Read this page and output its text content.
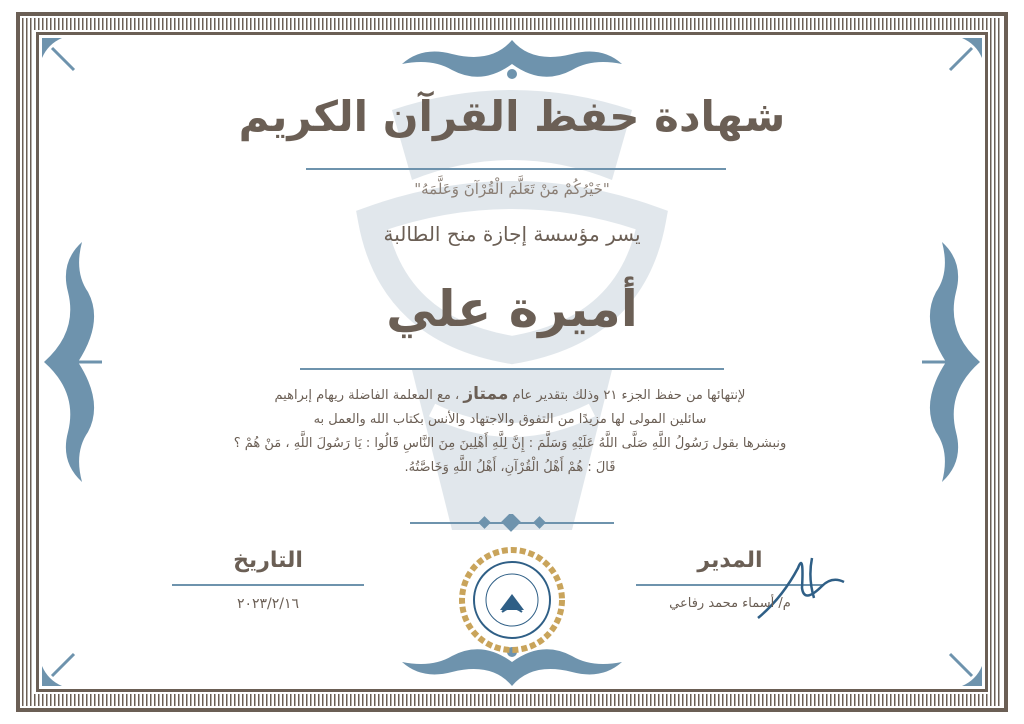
شهادة حفظ القرآن الكريم
"خَيْرُكُمْ مَنْ تَعَلَّمَ الْقُرْآنَ وَعَلَّمَهُ"
يسر مؤسسة إجازة منح الطالبة
أميرة علي
لإنتهائها من حفظ الجزء ٢١ وذلك بتقدير عام ممتاز ، مع المعلمة الفاضلة ريهام إبراهيم
سائلين المولى لها مزيدًا من التفوق والاجتهاد والأنس بكتاب الله والعمل به
ونبشرها بقول رَسُولُ اللَّهِ صَلَّى اللَّهُ عَلَيْهِ وَسَلَّمَ : إِنَّ لِلَّهِ أَهْلِينَ مِنَ النَّاسِ قَالُوا : يَا رَسُولَ اللَّهِ ، مَنْ هُمْ ؟
قَالَ : هُمْ أَهْلُ الْقُرْآنِ، أَهْلُ اللَّهِ وَخَاصَّتُهُ.
التاريخ
٢٠٢٣/٢/١٦
المدير
م/ أسماء محمد رفاعي
